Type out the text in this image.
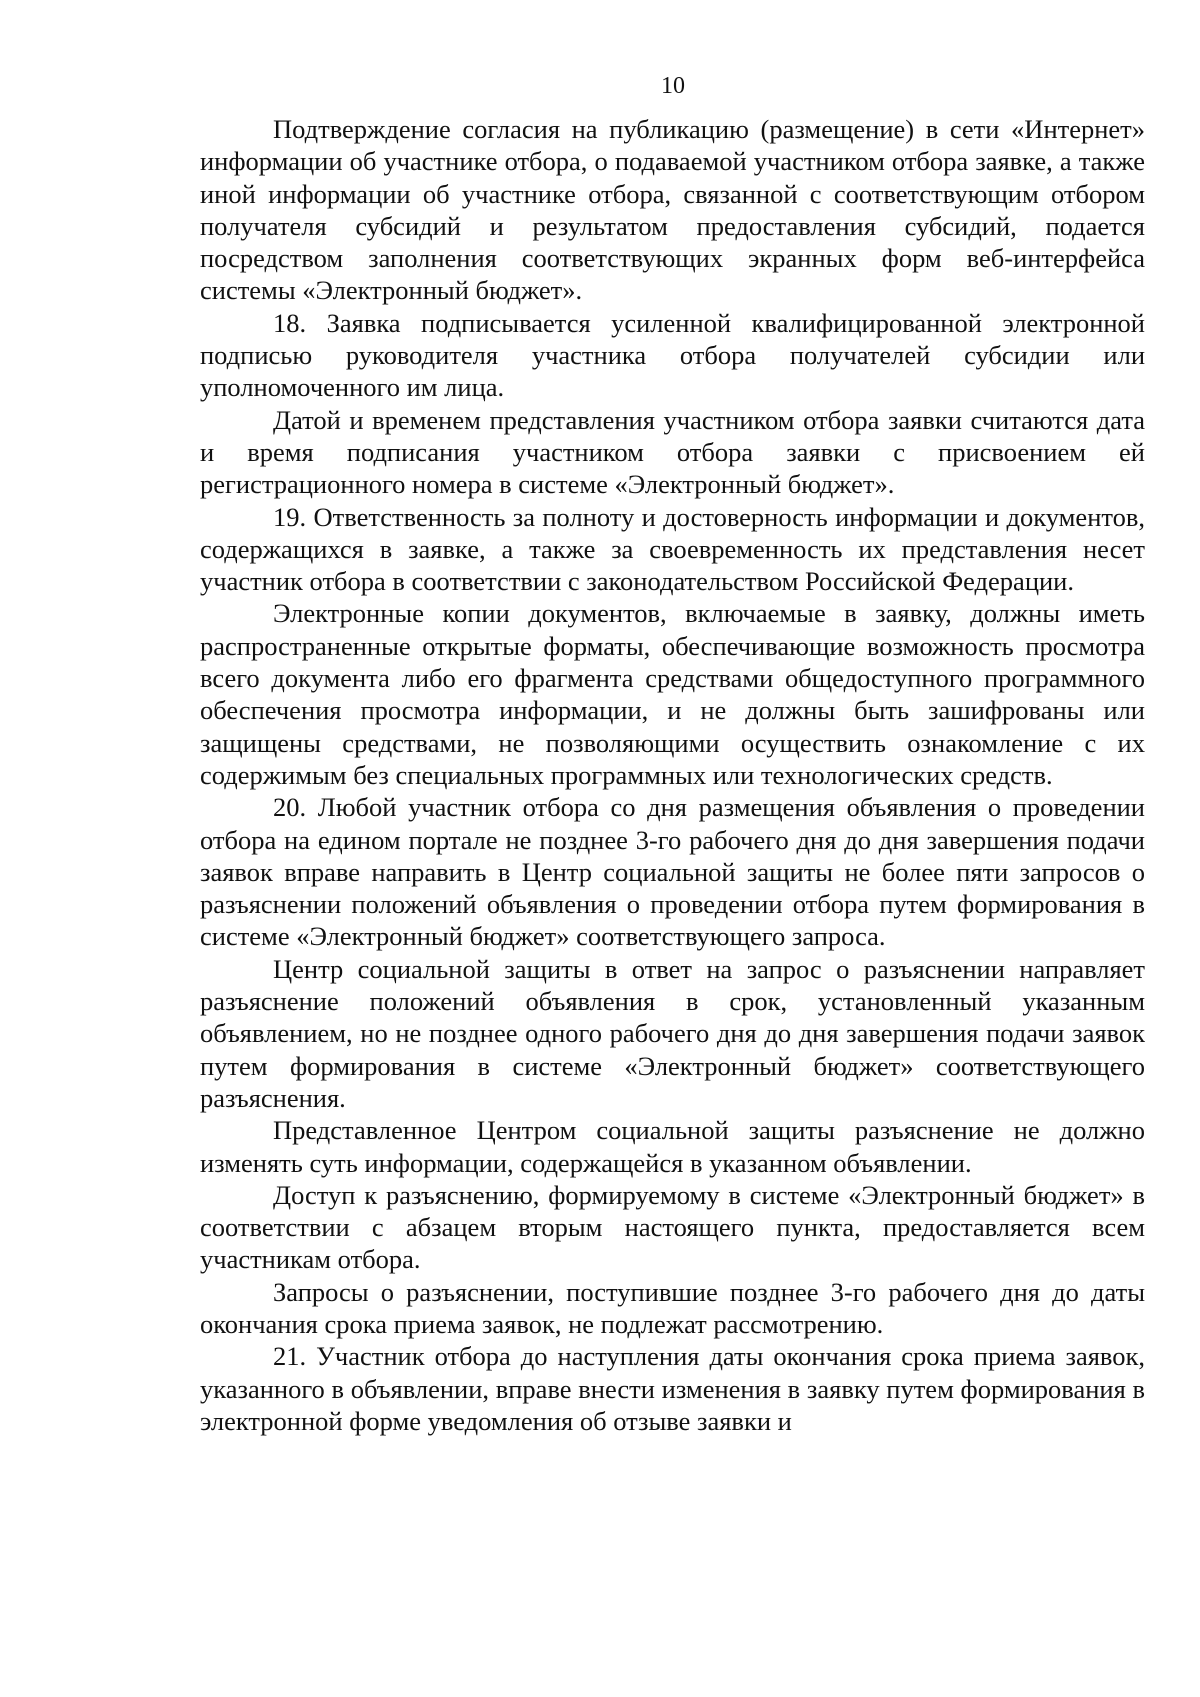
10

Подтверждение согласия на публикацию (размещение) в сети «Интернет» информации об участнике отбора, о подаваемой участником отбора заявке, а также иной информации об участнике отбора, связанной с соответствующим отбором получателя субсидий и результатом предоставления субсидий, подается посредством заполнения соответствующих экранных форм веб-интерфейса системы «Электронный бюджет».

18. Заявка подписывается усиленной квалифицированной электронной подписью руководителя участника отбора получателей субсидии или уполномоченного им лица.

Датой и временем представления участником отбора заявки считаются дата и время подписания участником отбора заявки с присвоением ей регистрационного номера в системе «Электронный бюджет».

19. Ответственность за полноту и достоверность информации и документов, содержащихся в заявке, а также за своевременность их представления несет участник отбора в соответствии с законодательством Российской Федерации.

Электронные копии документов, включаемые в заявку, должны иметь распространенные открытые форматы, обеспечивающие возможность просмотра всего документа либо его фрагмента средствами общедоступного программного обеспечения просмотра информации, и не должны быть зашифрованы или защищены средствами, не позволяющими осуществить ознакомление с их содержимым без специальных программных или технологических средств.

20. Любой участник отбора со дня размещения объявления о проведении отбора на едином портале не позднее 3-го рабочего дня до дня завершения подачи заявок вправе направить в Центр социальной защиты не более пяти запросов о разъяснении положений объявления о проведении отбора путем формирования в системе «Электронный бюджет» соответствующего запроса.

Центр социальной защиты в ответ на запрос о разъяснении направляет разъяснение положений объявления в срок, установленный указанным объявлением, но не позднее одного рабочего дня до дня завершения подачи заявок путем формирования в системе «Электронный бюджет» соответствующего разъяснения.

Представленное Центром социальной защиты разъяснение не должно изменять суть информации, содержащейся в указанном объявлении.

Доступ к разъяснению, формируемому в системе «Электронный бюджет» в соответствии с абзацем вторым настоящего пункта, предоставляется всем участникам отбора.

Запросы о разъяснении, поступившие позднее 3-го рабочего дня до даты окончания срока приема заявок, не подлежат рассмотрению.

21. Участник отбора до наступления даты окончания срока приема заявок, указанного в объявлении, вправе внести изменения в заявку путем формирования в электронной форме уведомления об отзыве заявки и
